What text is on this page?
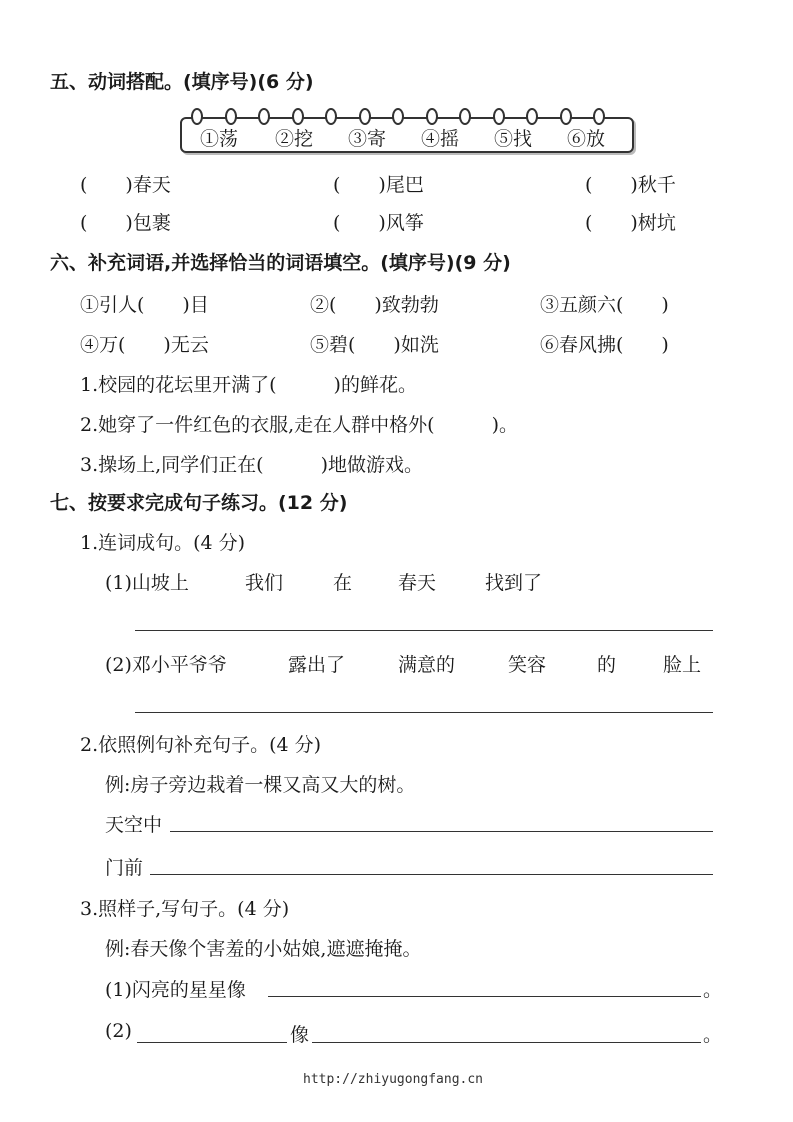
五、动词搭配。(填序号)(6 分)
①荡 ②挖 ③寄 ④摇 ⑤找 ⑥放
(　　)春天	(　　)尾巴	(　　)秋千
(　　)包裹	(　　)风筝	(　　)树坑
六、补充词语,并选择恰当的词语填空。(填序号)(9 分)
①引人(　　)目	②(　　)致勃勃	③五颜六(　　)
④万(　　)无云	⑤碧(　　)如洗	⑥春风拂(　　)
1.校园的花坛里开满了(　　　)的鲜花。
2.她穿了一件红色的衣服,走在人群中格外(　　　)。
3.操场上,同学们正在(　　　)地做游戏。
七、按要求完成句子练习。(12 分)
1.连词成句。(4 分)
(1)山坡上	我们	在 春天	找到了
(2)邓小平爷爷	露出了	满意的	笑容	的 脸上
2.依照例句补充句子。(4 分)
例:房子旁边栽着一棵又高又大的树。
天空中
门前
3.照样子,写句子。(4 分)
例:春天像个害羞的小姑娘,遮遮掩掩。
(1)闪亮的星星像	。
(2)	像	。
http://zhiyugongfang.cn
